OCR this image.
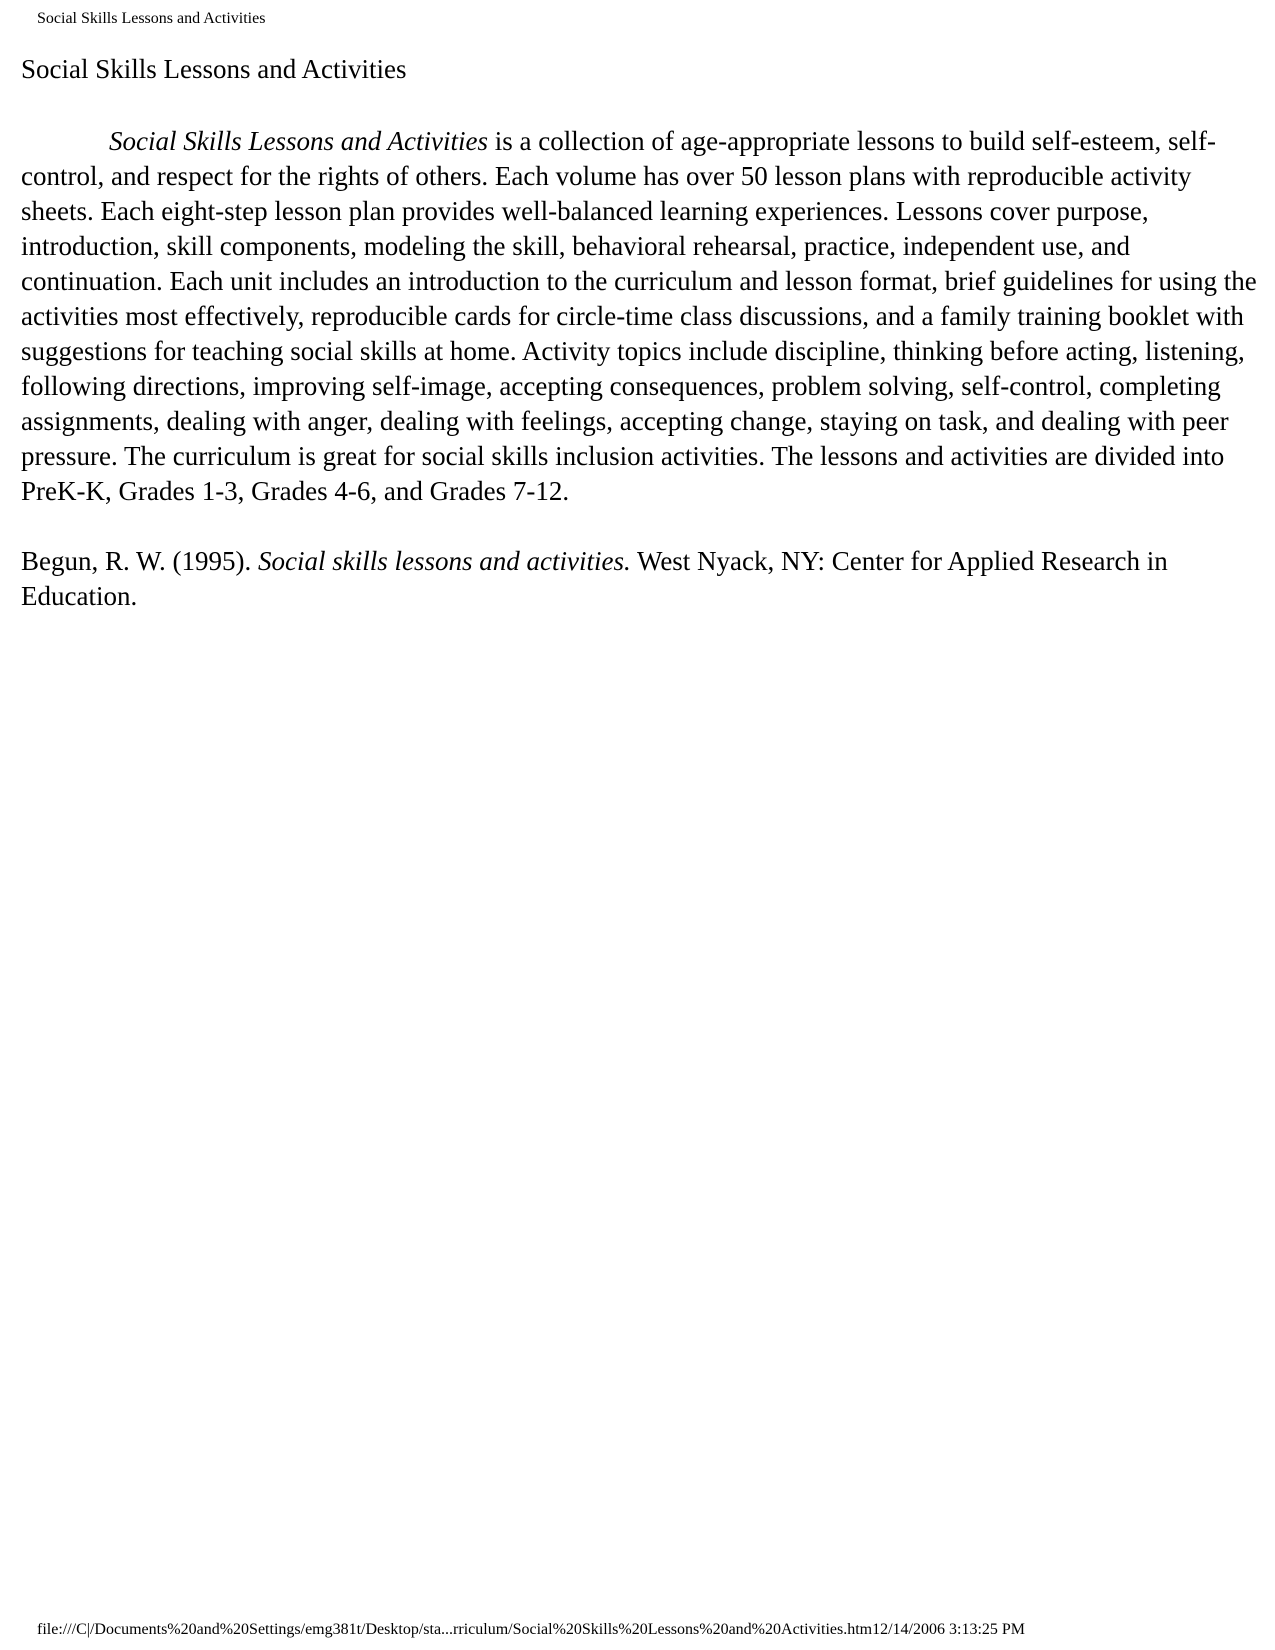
Social Skills Lessons and Activities
Social Skills Lessons and Activities

Social Skills Lessons and Activities is a collection of age-appropriate lessons to build self-esteem, self-control, and respect for the rights of others. Each volume has over 50 lesson plans with reproducible activity sheets. Each eight-step lesson plan provides well-balanced learning experiences. Lessons cover purpose, introduction, skill components, modeling the skill, behavioral rehearsal, practice, independent use, and continuation. Each unit includes an introduction to the curriculum and lesson format, brief guidelines for using the activities most effectively, reproducible cards for circle-time class discussions, and a family training booklet with suggestions for teaching social skills at home. Activity topics include discipline, thinking before acting, listening, following directions, improving self-image, accepting consequences, problem solving, self-control, completing assignments, dealing with anger, dealing with feelings, accepting change, staying on task, and dealing with peer pressure. The curriculum is great for social skills inclusion activities. The lessons and activities are divided into PreK-K, Grades 1-3, Grades 4-6, and Grades 7-12.

Begun, R. W. (1995). Social skills lessons and activities. West Nyack, NY: Center for Applied Research in Education.

file:///C|/Documents%20and%20Settings/emg381t/Desktop/sta...rriculum/Social%20Skills%20Lessons%20and%20Activities.htm12/14/2006 3:13:25 PM
